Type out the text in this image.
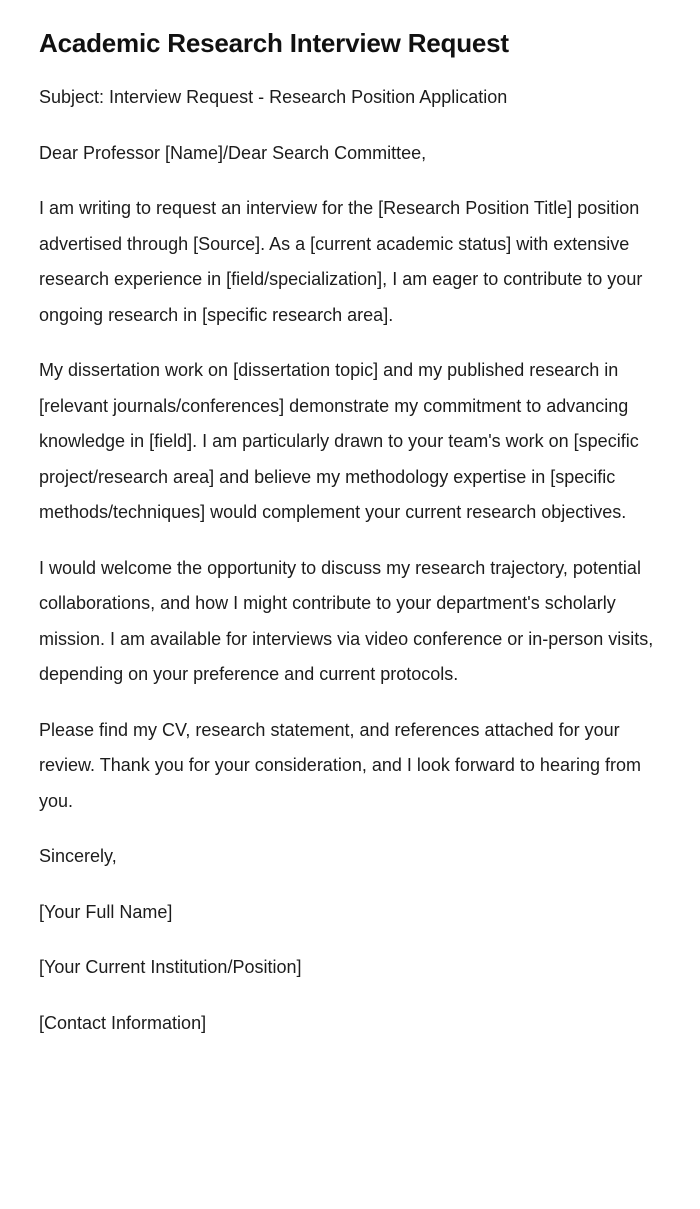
Academic Research Interview Request

Subject: Interview Request - Research Position Application

Dear Professor [Name]/Dear Search Committee,

I am writing to request an interview for the [Research Position Title] position advertised through [Source]. As a [current academic status] with extensive research experience in [field/specialization], I am eager to contribute to your ongoing research in [specific research area].

My dissertation work on [dissertation topic] and my published research in [relevant journals/conferences] demonstrate my commitment to advancing knowledge in [field]. I am particularly drawn to your team's work on [specific project/research area] and believe my methodology expertise in [specific methods/techniques] would complement your current research objectives.

I would welcome the opportunity to discuss my research trajectory, potential collaborations, and how I might contribute to your department's scholarly mission. I am available for interviews via video conference or in-person visits, depending on your preference and current protocols.

Please find my CV, research statement, and references attached for your review. Thank you for your consideration, and I look forward to hearing from you.

Sincerely,

[Your Full Name]

[Your Current Institution/Position]

[Contact Information]
